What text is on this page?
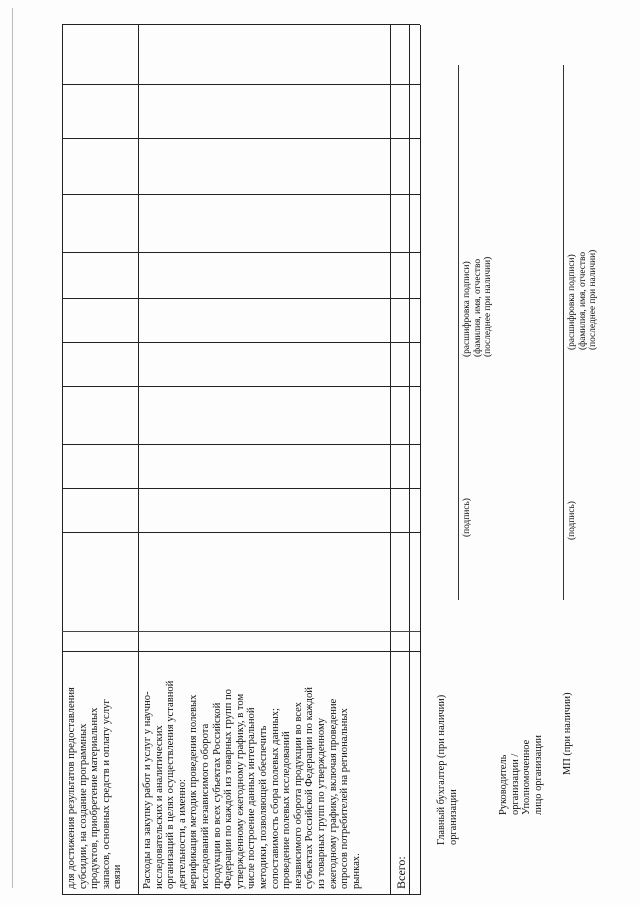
для достижения результатов предоставления субсидии, на создание программных продуктов, приобретение материальных запасов, основных средств и оплату услуг связи Расходы на закупку работ и услуг у научно- исследовательских и аналитических организаций в целях осуществления уставной деятельности, а именно: верификация методик проведения полевых исследований независимого оборота продукции во всех субъектах Российской Федерации по каждой из товарных групп по утвержденному ежегодному графику, в том числе построение данных интегральной методики, позволяющей обеспечить сопоставимость сбора полевых данных; проведение полевых исследований независимого оборота продукции во всех субъектах Российской Федерации по каждой из товарных групп по утвержденному ежегодному графику, включая проведение опросов потребителей на региональных рынках.	Всего:
Главный бухгалтер (при наличии) организации
(подпись)
(расшифровка подписи) (фамилия, имя, отчество (последнее при наличии)
Руководитель организации / Уполномоченное лицо организации
(подпись)
(расшифровка подписи) (фамилия, имя, отчество (последнее при наличии)
МП (при наличии)
